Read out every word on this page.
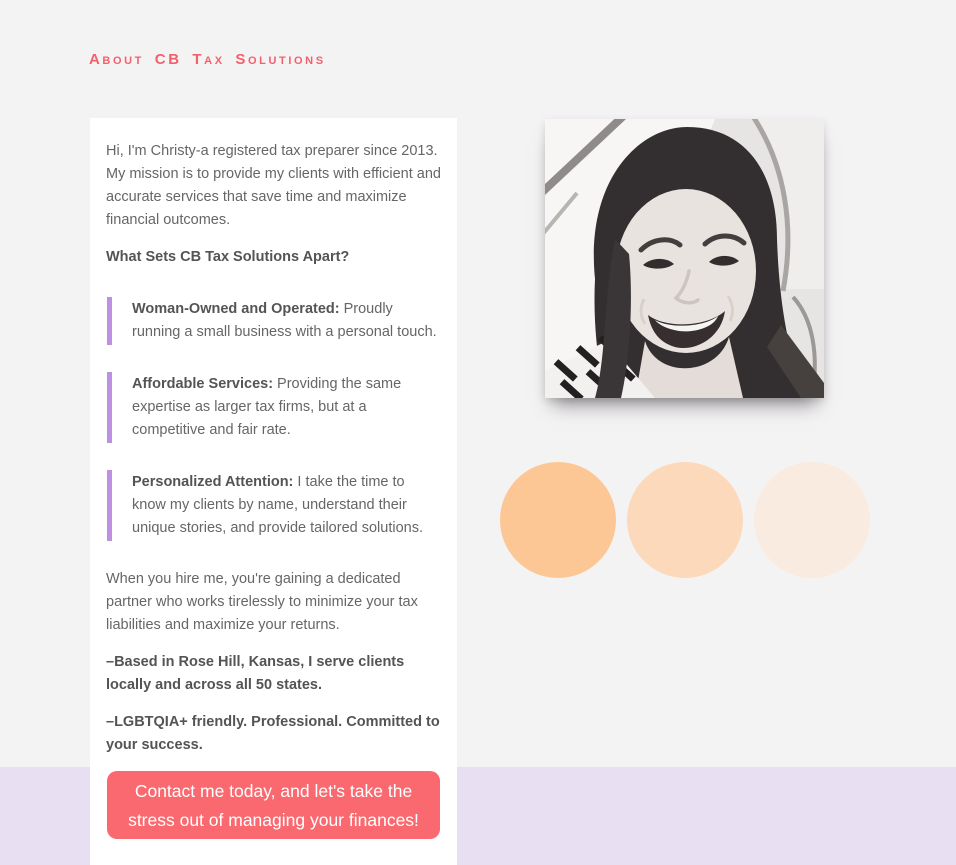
About CB Tax Solutions

Hi, I'm Christy-a registered tax preparer since 2013. My mission is to provide my clients with efficient and accurate services that save time and maximize financial outcomes.

What Sets CB Tax Solutions Apart?
Woman-Owned and Operated: Proudly running a small business with a personal touch.
Affordable Services: Providing the same expertise as larger tax firms, but at a competitive and fair rate.
Personalized Attention: I take the time to know my clients by name, understand their unique stories, and provide tailored solutions.

When you hire me, you're gaining a dedicated partner who works tirelessly to minimize your tax liabilities and maximize your returns.

–Based in Rose Hill, Kansas, I serve clients locally and across all 50 states.

–LGBTQIA+ friendly. Professional. Committed to your success.

Contact me today, and let's take the stress out of managing your finances!
